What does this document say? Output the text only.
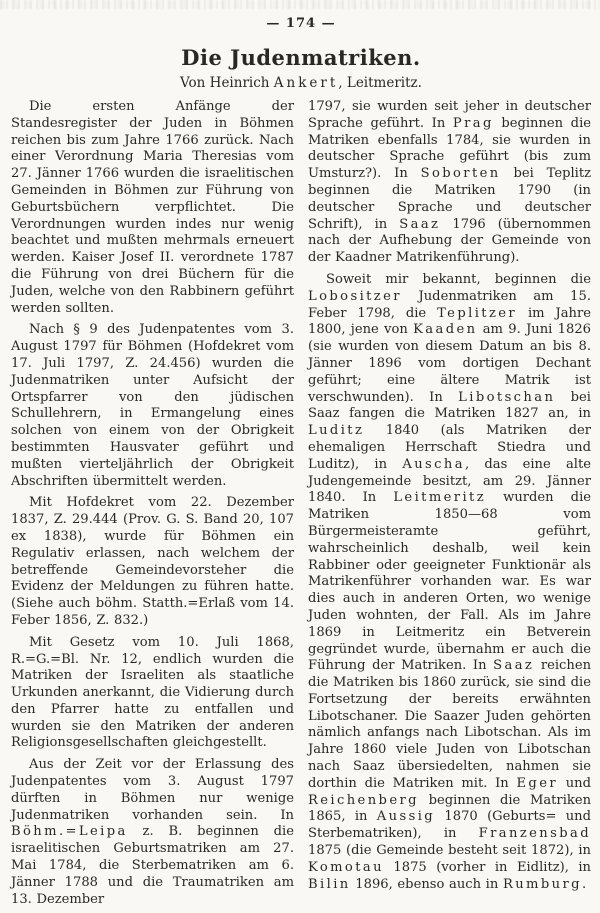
— 174 —
Die Judenmatriken.
Von Heinrich Ankert, Leitmeritz.

Die ersten Anfänge der Standesregister der Juden in Böhmen reichen bis zum Jahre 1766 zurück. Nach einer Verordnung Maria Theresias vom 27. Jänner 1766 wurden die israelitischen Gemeinden in Böhmen zur Führung von Geburtsbüchern verpflichtet. Die Verordnungen wurden indes nur wenig beachtet und mußten mehrmals erneuert werden. Kaiser Josef II. verordnete 1787 die Führung von drei Büchern für die Juden, welche von den Rabbinern geführt werden sollten.

Nach § 9 des Judenpatentes vom 3. August 1797 für Böhmen (Hofdekret vom 17. Juli 1797, Z. 24.456) wurden die Judenmatriken unter Aufsicht der Ortspfarrer von den jüdischen Schullehrern, in Ermangelung eines solchen von einem von der Obrigkeit bestimmten Hausvater geführt und mußten vierteljährlich der Obrigkeit Abschriften übermittelt werden.

Mit Hofdekret vom 22. Dezember 1837, Z. 29.444 (Prov. G. S. Band 20, 107 ex 1838), wurde für Böhmen ein Regulativ erlassen, nach welchem der betreffende Gemeindevorsteher die Evidenz der Meldungen zu führen hatte. (Siehe auch böhm. Statth.=Erlaß vom 14. Feber 1856, Z. 832.)

Mit Gesetz vom 10. Juli 1868, R.=G.=Bl. Nr. 12, endlich wurden die Matriken der Israeliten als staatliche Urkunden anerkannt, die Vidierung durch den Pfarrer hatte zu entfallen und wurden sie den Matriken der anderen Religionsgesellschaften gleichgestellt.

Aus der Zeit vor der Erlassung des Judenpatentes vom 3. August 1797 dürften in Böhmen nur wenige Judenmatriken vorhanden sein. In Böhm.=Leipa z. B. beginnen die israelitischen Geburtsmatriken am 27. Mai 1784, die Sterbematriken am 6. Jänner 1788 und die Traumatriken am 13. Dezember

1797, sie wurden seit jeher in deutscher Sprache geführt. In Prag beginnen die Matriken ebenfalls 1784, sie wurden in deutscher Sprache geführt (bis zum Umsturz?). In Soborten bei Teplitz beginnen die Matriken 1790 (in deutscher Sprache und deutscher Schrift), in Saaz 1796 (übernommen nach der Aufhebung der Gemeinde von der Kaadner Matrikenführung).

Soweit mir bekannt, beginnen die Lobositzer Judenmatriken am 15. Feber 1798, die Teplitzer im Jahre 1800, jene von Kaaden am 9. Juni 1826 (sie wurden von diesem Datum an bis 8. Jänner 1896 vom dortigen Dechant geführt; eine ältere Matrik ist verschwunden). In Libotschan bei Saaz fangen die Matriken 1827 an, in Luditz 1840 (als Matriken der ehemaligen Herrschaft Stiedra und Luditz), in Auscha, das eine alte Judengemeinde besitzt, am 29. Jänner 1840. In Leitmeritz wurden die Matriken 1850—68 vom Bürgermeisteramte geführt, wahrscheinlich deshalb, weil kein Rabbiner oder geeigneter Funktionär als Matrikenführer vorhanden war. Es war dies auch in anderen Orten, wo wenige Juden wohnten, der Fall. Als im Jahre 1869 in Leitmeritz ein Betverein gegründet wurde, übernahm er auch die Führung der Matriken. In Saaz reichen die Matriken bis 1860 zurück, sie sind die Fortsetzung der bereits erwähnten Libotschaner. Die Saazer Juden gehörten nämlich anfangs nach Libotschan. Als im Jahre 1860 viele Juden von Libotschan nach Saaz übersiedelten, nahmen sie dorthin die Matriken mit. In Eger und Reichenberg beginnen die Matriken 1865, in Aussig 1870 (Geburts= und Sterbematriken), in Franzensbad 1875 (die Gemeinde besteht seit 1872), in Komotau 1875 (vorher in Eidlitz), in Bilin 1896, ebenso auch in Rumburg.
